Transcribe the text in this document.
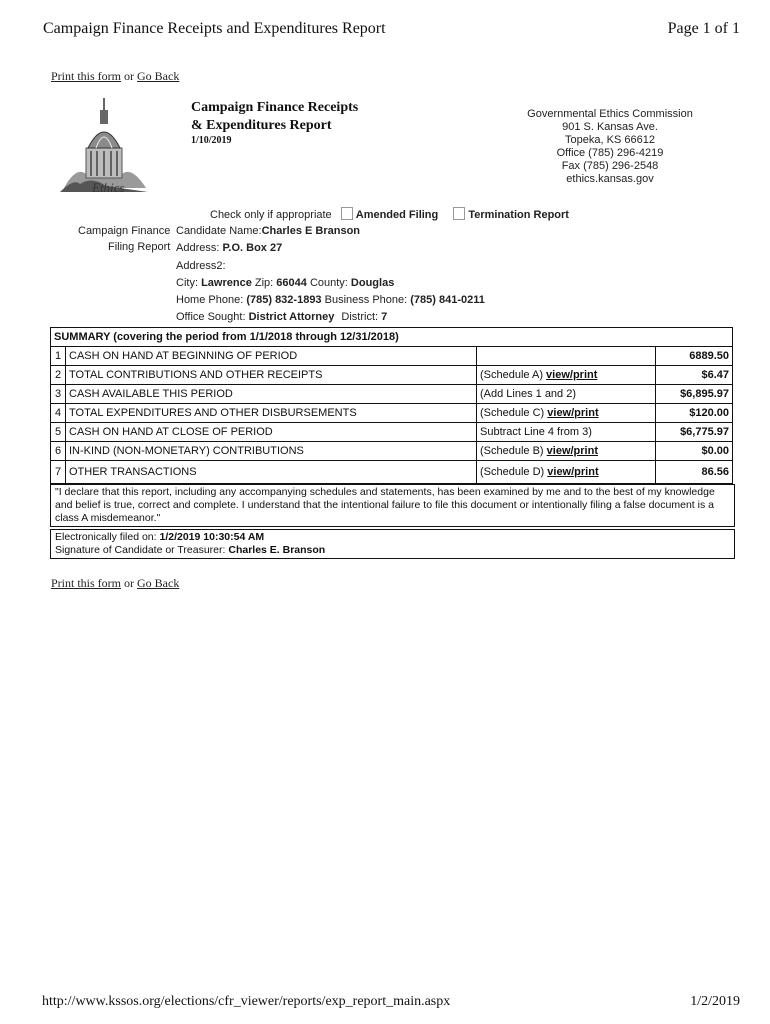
Campaign Finance Receipts and Expenditures Report	Page 1 of 1
Print this form or Go Back
Ethics
Campaign Finance Receipts
& Expenditures Report
1/10/2019
Governmental Ethics Commission
901 S. Kansas Ave.
Topeka, KS 66612
Office (785) 296-4219
Fax (785) 296-2548
ethics.kansas.gov
Check only if appropriate Amended Filing	Termination Report
Campaign Finance
Filing Report
Candidate Name:Charles E Branson
Address: P.O. Box 27
Address2:
City: Lawrence Zip: 66044 County: Douglas
Home Phone: (785) 832-1893 Business Phone: (785) 841-0211
Office Sought: District Attorney District: 7
SUMMARY (covering the period from 1/1/2018 through 12/31/2018)			
1	CASH ON HAND AT BEGINNING OF PERIOD		6889.50
2	TOTAL CONTRIBUTIONS AND OTHER RECEIPTS	(Schedule A) view/print	$6.47
3	CASH AVAILABLE THIS PERIOD	(Add Lines 1 and 2)	$6,895.97
4	TOTAL EXPENDITURES AND OTHER DISBURSEMENTS	(Schedule C) view/print	$120.00
5	CASH ON HAND AT CLOSE OF PERIOD	Subtract Line 4 from 3)	$6,775.97
6	IN-KIND (NON-MONETARY) CONTRIBUTIONS	(Schedule B) view/print	$0.00
7	OTHER TRANSACTIONS	(Schedule D) view/print	86.56
"I declare that this report, including any accompanying schedules and statements, has been examined by me and to the best of my knowledge and belief is true, correct and complete. I understand that the intentional failure to file this document or intentionally filing a false document is a class A misdemeanor."
Electronically filed on: 1/2/2019 10:30:54 AM
Signature of Candidate or Treasurer: Charles E. Branson
Print this form or Go Back
http://www.kssos.org/elections/cfr_viewer/reports/exp_report_main.aspx	1/2/2019
